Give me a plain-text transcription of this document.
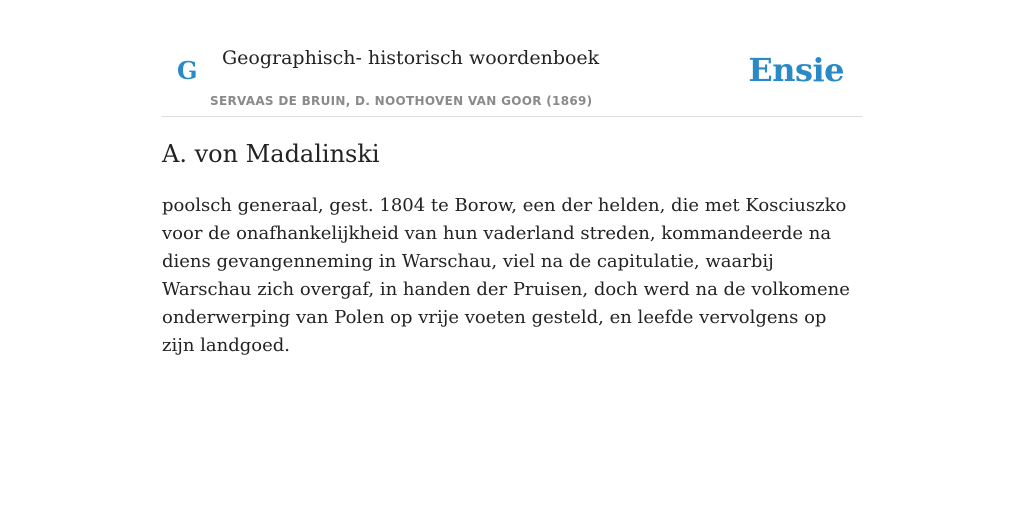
G Geographisch- historisch woordenboek
SERVAAS DE BRUIN, D. NOOTHOVEN VAN GOOR (1869)
Ensie
A. von Madalinski

poolsch generaal, gest. 1804 te Borow, een der helden, die met Kosciuszko voor de onafhankelijkheid van hun vaderland streden, kommandeerde na diens gevangenneming in Warschau, viel na de capitulatie, waarbij Warschau zich overgaf, in handen der Pruisen, doch werd na de volkomene onderwerping van Polen op vrije voeten gesteld, en leefde vervolgens op zijn landgoed.
